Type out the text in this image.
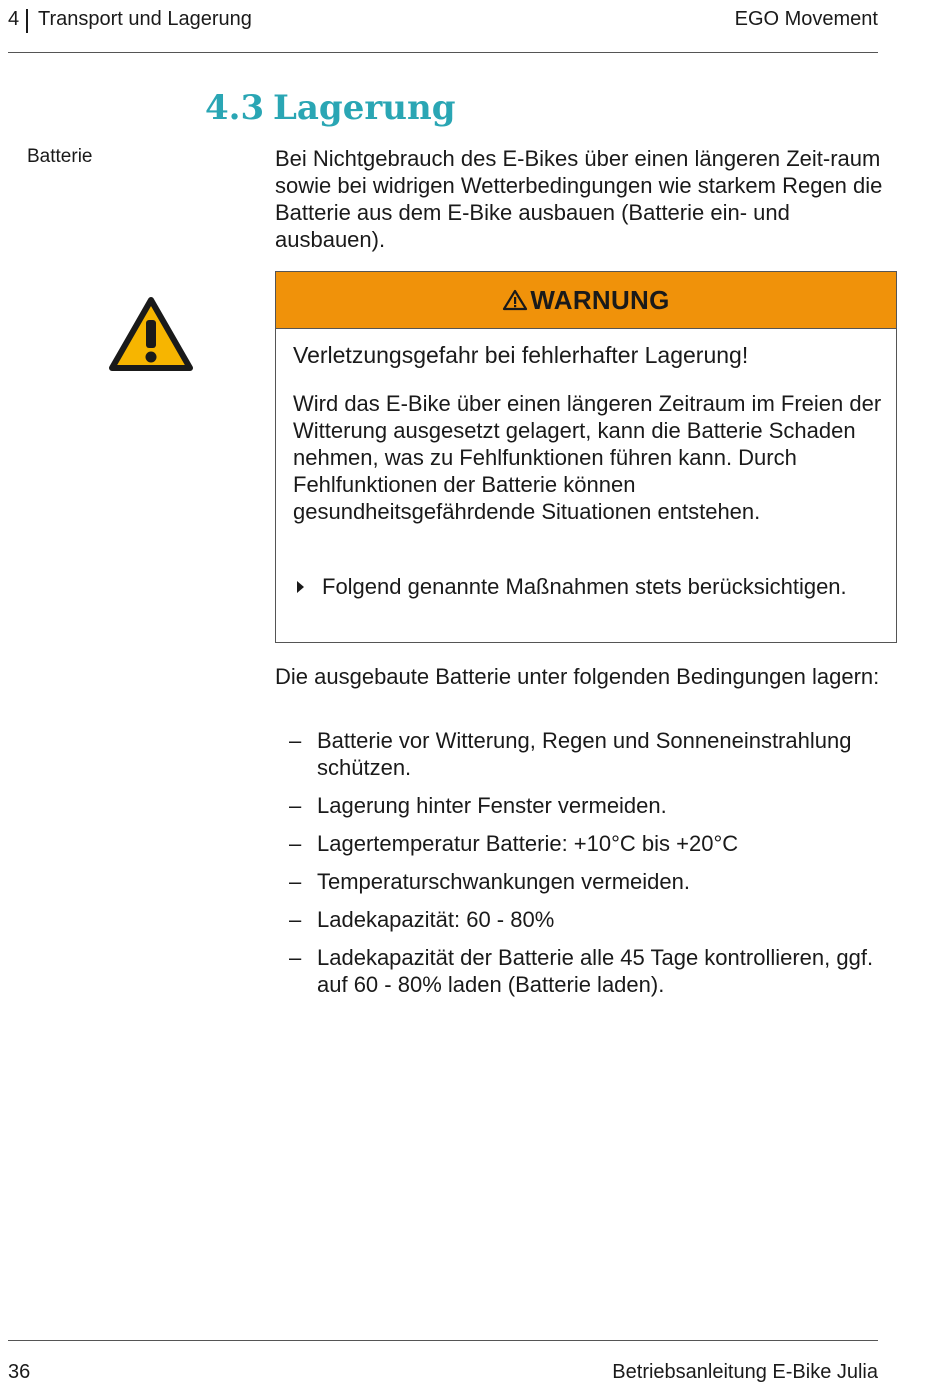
4 Transport und Lagerung	EGO Movement
4.3 Lagerung
Batterie	Bei Nichtgebrauch des E-Bikes über einen längeren Zeit-raum sowie bei widrigen Wetterbedingungen wie starkem Regen die Batterie aus dem E-Bike ausbauen (Batterie ein- und ausbauen).
WARNUNG
Verletzungsgefahr bei fehlerhafter Lagerung!
Wird das E-Bike über einen längeren Zeitraum im Freien der Witterung ausgesetzt gelagert, kann die Batterie Schaden nehmen, was zu Fehlfunktionen führen kann. Durch Fehlfunktionen der Batterie können gesundheitsgefährdende Situationen entstehen.
Folgend genannte Maßnahmen stets berücksichtigen.
Die ausgebaute Batterie unter folgenden Bedingungen lagern:
– Batterie vor Witterung, Regen und Sonneneinstrahlung schützen.
– Lagerung hinter Fenster vermeiden.
– Lagertemperatur Batterie: +10°C bis +20°C
– Temperaturschwankungen vermeiden.
– Ladekapazität: 60 - 80%
– Ladekapazität der Batterie alle 45 Tage kontrollieren, ggf. auf 60 - 80% laden (Batterie laden).
36	Betriebsanleitung E-Bike Julia
